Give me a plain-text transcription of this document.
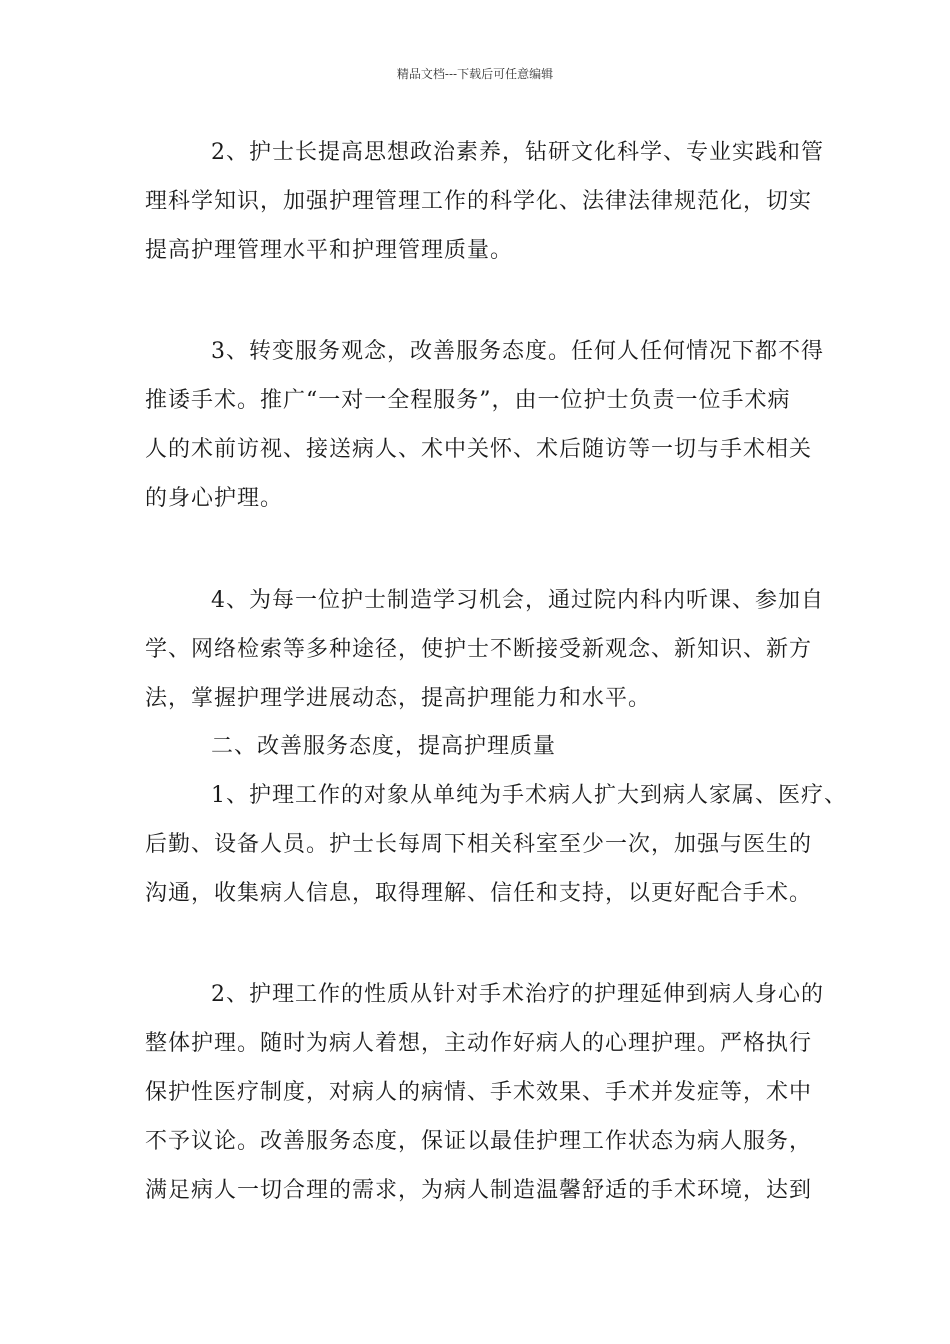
精品文档---下载后可任意编辑
2、护士长提高思想政治素养，钻研文化科学、专业实践和管
理科学知识，加强护理管理工作的科学化、法律法律规范化，切实
提高护理管理水平和护理管理质量。
3、转变服务观念，改善服务态度。任何人任何情况下都不得
推诿手术。推广“一对一全程服务”，由一位护士负责一位手术病
人的术前访视、接送病人、术中关怀、术后随访等一切与手术相关
的身心护理。
4、为每一位护士制造学习机会，通过院内科内听课、参加自
学、网络检索等多种途径，使护士不断接受新观念、新知识、新方
法，掌握护理学进展动态，提高护理能力和水平。
二、改善服务态度，提高护理质量
1、护理工作的对象从单纯为手术病人扩大到病人家属、医疗、
后勤、设备人员。护士长每周下相关科室至少一次，加强与医生的
沟通，收集病人信息，取得理解、信任和支持，以更好配合手术。
2、护理工作的性质从针对手术治疗的护理延伸到病人身心的
整体护理。随时为病人着想，主动作好病人的心理护理。严格执行
保护性医疗制度，对病人的病情、手术效果、手术并发症等，术中
不予议论。改善服务态度，保证以最佳护理工作状态为病人服务，
满足病人一切合理的需求，为病人制造温馨舒适的手术环境，达到
